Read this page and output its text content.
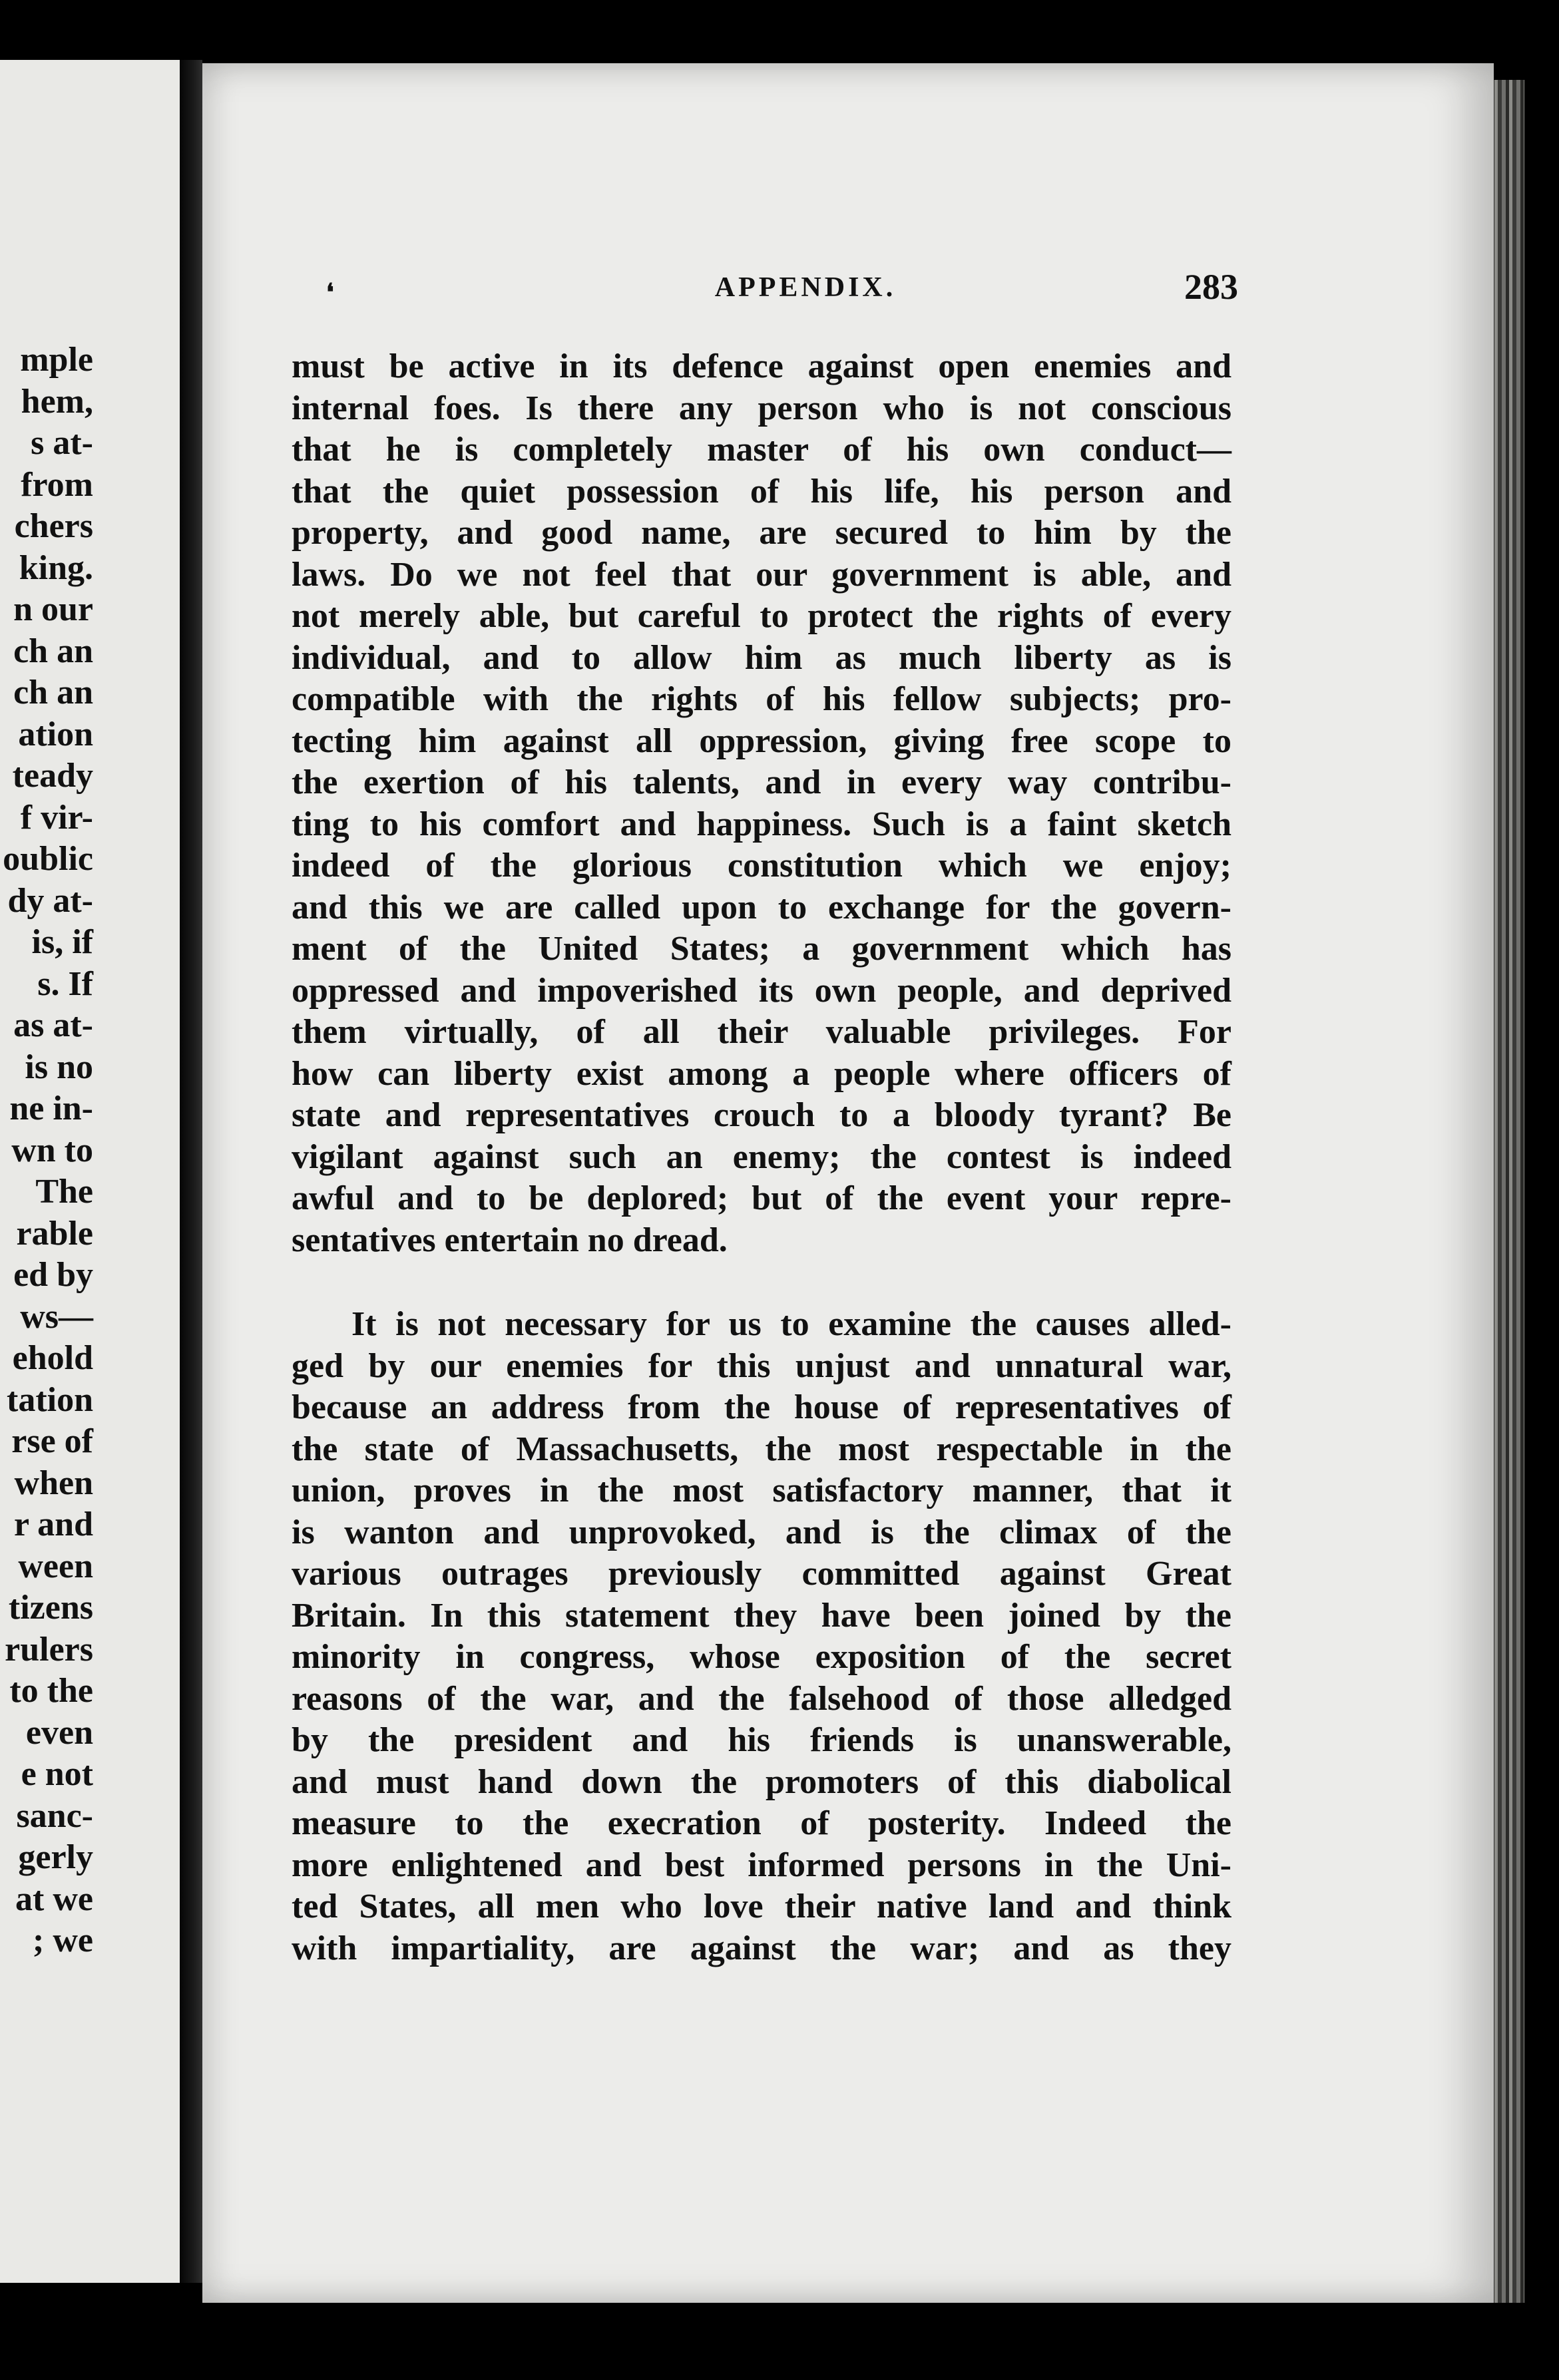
mple
hem,
s at-
from
chers
king.
n our
ch an
ch an
ation
teady
f vir-
oublic
dy at-
is, if
s. If
as at-
is no
ne in-
wn to
The
rable
ed by
ws—
ehold
tation
rse of
when
r and
ween
tizens
rulers
to the
even
e not
sanc-
gerly
at we
; we
❛	APPENDIX.	283
must be active in its defence against open enemies and
internal foes. Is there any person who is not conscious
that he is completely master of his own conduct—
that the quiet possession of his life, his person and
property, and good name, are secured to him by the
laws. Do we not feel that our government is able, and
not merely able, but careful to protect the rights of every
individual, and to allow him as much liberty as is
compatible with the rights of his fellow subjects; pro-
tecting him against all oppression, giving free scope to
the exertion of his talents, and in every way contribu-
ting to his comfort and happiness. Such is a faint sketch
indeed of the glorious constitution which we enjoy;
and this we are called upon to exchange for the govern-
ment of the United States; a government which has
oppressed and impoverished its own people, and deprived
them virtually, of all their valuable privileges. For
how can liberty exist among a people where officers of
state and representatives crouch to a bloody tyrant? Be
vigilant against such an enemy; the contest is indeed
awful and to be deplored; but of the event your repre-
sentatives entertain no dread.
It is not necessary for us to examine the causes alled-
ged by our enemies for this unjust and unnatural war,
because an address from the house of representatives of
the state of Massachusetts, the most respectable in the
union, proves in the most satisfactory manner, that it
is wanton and unprovoked, and is the climax of the
various outrages previously committed against Great
Britain. In this statement they have been joined by the
minority in congress, whose exposition of the secret
reasons of the war, and the falsehood of those alledged
by the president and his friends is unanswerable,
and must hand down the promoters of this diabolical
measure to the execration of posterity. Indeed the
more enlightened and best informed persons in the Uni-
ted States, all men who love their native land and think
with impartiality, are against the war; and as they
